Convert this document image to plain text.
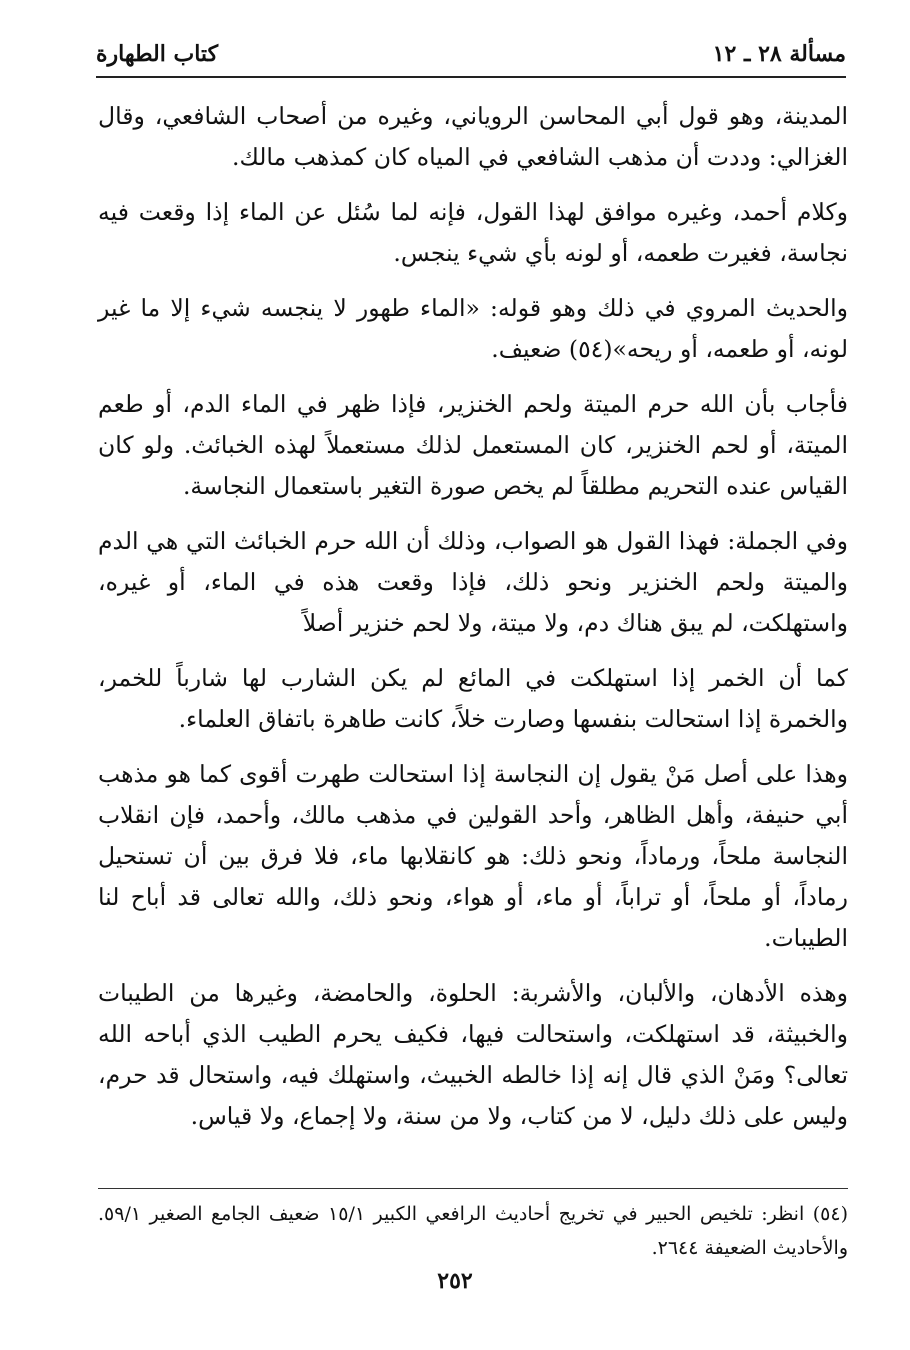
مسألة ٢٨ ـ ١٢
كتاب الطهارة

المدينة، وهو قول أبي المحاسن الروياني، وغيره من أصحاب الشافعي، وقال الغزالي: وددت أن مذهب الشافعي في المياه كان كمذهب مالك.

وكلام أحمد، وغيره موافق لهذا القول، فإنه لما سُئل عن الماء إذا وقعت فيه نجاسة، فغيرت طعمه، أو لونه بأي شيء ينجس.

والحديث المروي في ذلك وهو قوله: «الماء طهور لا ينجسه شيء إلا ما غير لونه، أو طعمه، أو ريحه»(٥٤) ضعيف.

فأجاب بأن الله حرم الميتة ولحم الخنزير، فإذا ظهر في الماء الدم، أو طعم الميتة، أو لحم الخنزير، كان المستعمل لذلك مستعملاً لهذه الخبائث. ولو كان القياس عنده التحريم مطلقاً لم يخص صورة التغير باستعمال النجاسة.

وفي الجملة: فهذا القول هو الصواب، وذلك أن الله حرم الخبائث التي هي الدم والميتة ولحم الخنزير ونحو ذلك، فإذا وقعت هذه في الماء، أو غيره، واستهلكت، لم يبق هناك دم، ولا ميتة، ولا لحم خنزير أصلاً

كما أن الخمر إذا استهلكت في المائع لم يكن الشارب لها شارباً للخمر، والخمرة إذا استحالت بنفسها وصارت خلاً، كانت طاهرة باتفاق العلماء.

وهذا على أصل مَنْ يقول إن النجاسة إذا استحالت طهرت أقوى كما هو مذهب أبي حنيفة، وأهل الظاهر، وأحد القولين في مذهب مالك، وأحمد، فإن انقلاب النجاسة ملحاً، ورماداً، ونحو ذلك: هو كانقلابها ماء، فلا فرق بين أن تستحيل رماداً، أو ملحاً، أو تراباً، أو ماء، أو هواء، ونحو ذلك، والله تعالى قد أباح لنا الطيبات.

وهذه الأدهان، والألبان، والأشربة: الحلوة، والحامضة، وغيرها من الطيبات والخبيثة، قد استهلكت، واستحالت فيها، فكيف يحرم الطيب الذي أباحه الله تعالى؟ ومَنْ الذي قال إنه إذا خالطه الخبيث، واستهلك فيه، واستحال قد حرم، وليس على ذلك دليل، لا من كتاب، ولا من سنة، ولا إجماع، ولا قياس.

(٥٤) انظر: تلخيص الحبير في تخريج أحاديث الرافعي الكبير ١٥/١ ضعيف الجامع الصغير ٥٩/١. والأحاديث الضعيفة ٢٦٤٤.

٢٥٢
